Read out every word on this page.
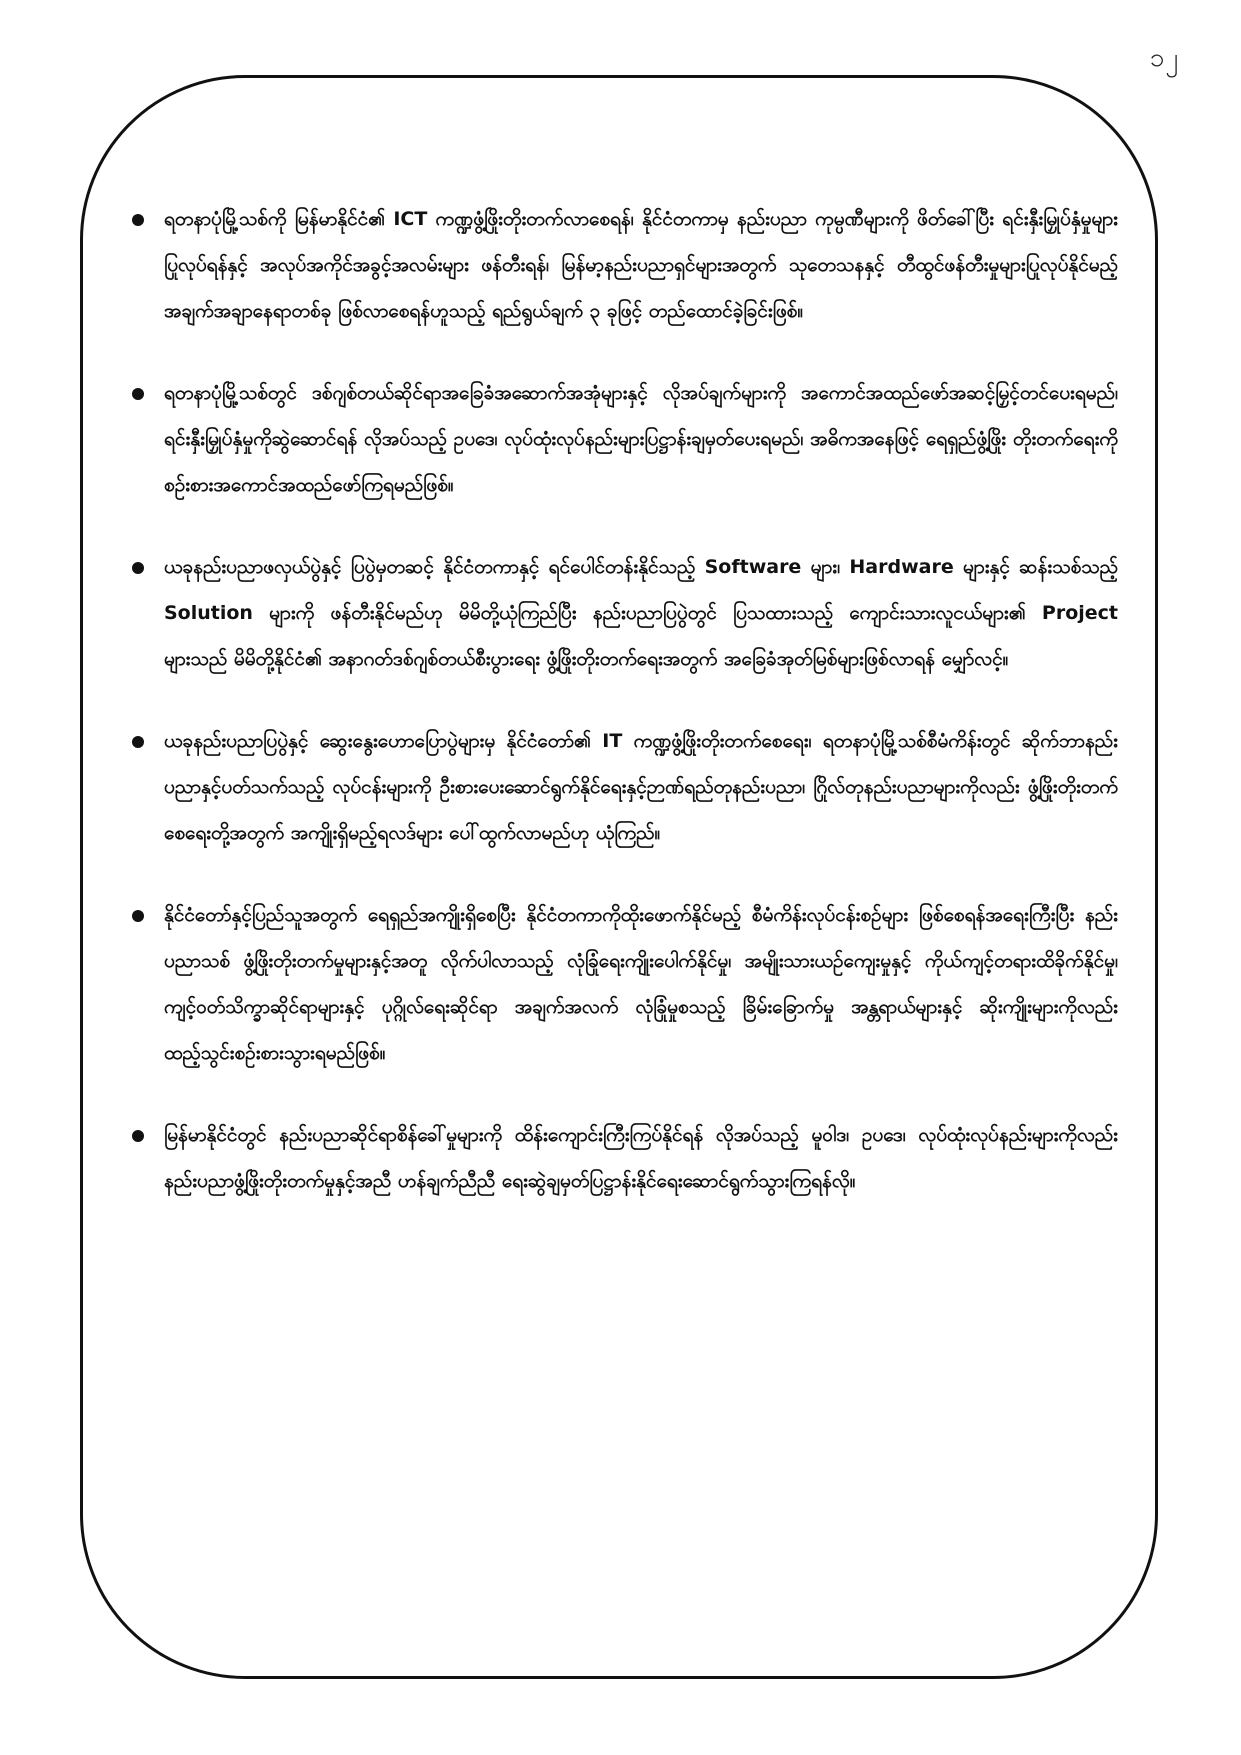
၁၂
ရတနာပုံမြို့သစ်ကို မြန်မာနိုင်ငံ၏ ICT ကဏ္ဍဖွံ့ဖြိုးတိုးတက်လာစေရန်၊ နိုင်ငံတကာမှ နည်းပညာ ကုမ္ပဏီများကို ဖိတ်ခေါ်ပြီး ရင်းနှီးမြှုပ်နှံမှုများ ပြုလုပ်ရန်နှင့် အလုပ်အကိုင်အခွင့်အလမ်းများ ဖန်တီးရန်၊ မြန်မာ့နည်းပညာရှင်များအတွက် သုတေသနနှင့် တီထွင်ဖန်တီးမှုများပြုလုပ်နိုင်မည့် အချက်အချာနေရာတစ်ခု ဖြစ်လာစေရန်ဟူသည့် ရည်ရွယ်ချက် ၃ ခုဖြင့် တည်ထောင်ခဲ့ခြင်းဖြစ်။
ရတနာပုံမြို့သစ်တွင် ဒစ်ဂျစ်တယ်ဆိုင်ရာအခြေခံအဆောက်အအုံများနှင့် လိုအပ်ချက်များကို အကောင်အထည်ဖော်အဆင့်မြှင့်တင်ပေးရမည်၊ ရင်းနှီးမြှုပ်နှံမှုကိုဆွဲဆောင်ရန် လိုအပ်သည့် ဥပဒေ၊ လုပ်ထုံးလုပ်နည်းများပြဋ္ဌာန်းချမှတ်ပေးရမည်၊ အဓိကအနေဖြင့် ရေရှည်ဖွံ့ဖြိုး တိုးတက်ရေးကို စဉ်းစားအကောင်အထည်ဖော်ကြရမည်ဖြစ်။
ယခုနည်းပညာဖလှယ်ပွဲနှင့် ပြပွဲမှတဆင့် နိုင်ငံတကာနှင့် ရင်ပေါင်တန်းနိုင်သည့် Software များ၊ Hardware များနှင့် ဆန်းသစ်သည့် Solution များကို ဖန်တီးနိုင်မည်ဟု မိမိတို့ယုံကြည်ပြီး နည်းပညာပြပွဲတွင် ပြသထားသည့် ကျောင်းသားလူငယ်များ၏ Project များသည် မိမိတို့နိုင်ငံ၏ အနာဂတ်ဒစ်ဂျစ်တယ်စီးပွားရေး ဖွံ့ဖြိုးတိုးတက်ရေးအတွက် အခြေခံအုတ်မြစ်များဖြစ်လာရန် မျှော်လင့်။
ယခုနည်းပညာပြပွဲနှင့် ဆွေးနွေးဟောပြောပွဲများမှ နိုင်ငံတော်၏ IT ကဏ္ဍဖွံ့ဖြိုးတိုးတက်စေရေး၊ ရတနာပုံမြို့သစ်စီမံကိန်းတွင် ဆိုက်ဘာနည်းပညာနှင့်ပတ်သက်သည့် လုပ်ငန်းများကို ဦးစားပေးဆောင်ရွက်နိုင်ရေးနှင့်ဉာဏ်ရည်တုနည်းပညာ၊ ဂြိုလ်တုနည်းပညာများကိုလည်း ဖွံ့ဖြိုးတိုးတက်စေရေးတို့အတွက် အကျိုးရှိမည့်ရလဒ်များ ပေါ်ထွက်လာမည်ဟု ယုံကြည်။
နိုင်ငံတော်နှင့်ပြည်သူအတွက် ရေရှည်အကျိုးရှိစေပြီး နိုင်ငံတကာကိုထိုးဖောက်နိုင်မည့် စီမံကိန်းလုပ်ငန်းစဉ်များ ဖြစ်စေရန်အရေးကြီးပြီး နည်းပညာသစ် ဖွံ့ဖြိုးတိုးတက်မှုများနှင့်အတူ လိုက်ပါလာသည့် လုံခြုံရေးကျိုးပေါက်နိုင်မှု၊ အမျိုးသားယဉ်ကျေးမှုနှင့် ကိုယ်ကျင့်တရားထိခိုက်နိုင်မှု၊ ကျင့်ဝတ်သိက္ခာဆိုင်ရာများနှင့် ပုဂ္ဂိုလ်ရေးဆိုင်ရာ အချက်အလက် လုံခြုံမှုစသည့် ခြိမ်းခြောက်မှု အန္တရာယ်များနှင့် ဆိုးကျိုးများကိုလည်း ထည့်သွင်းစဉ်းစားသွားရမည်ဖြစ်။
မြန်မာနိုင်ငံတွင် နည်းပညာဆိုင်ရာစိန်ခေါ်မှုများကို ထိန်းကျောင်းကြီးကြပ်နိုင်ရန် လိုအပ်သည့် မူဝါဒ၊ ဥပဒေ၊ လုပ်ထုံးလုပ်နည်းများကိုလည်း နည်းပညာဖွံ့ဖြိုးတိုးတက်မှုနှင့်အညီ ဟန်ချက်ညီညီ ရေးဆွဲချမှတ်ပြဋ္ဌာန်းနိုင်ရေးဆောင်ရွက်သွားကြရန်လို။
